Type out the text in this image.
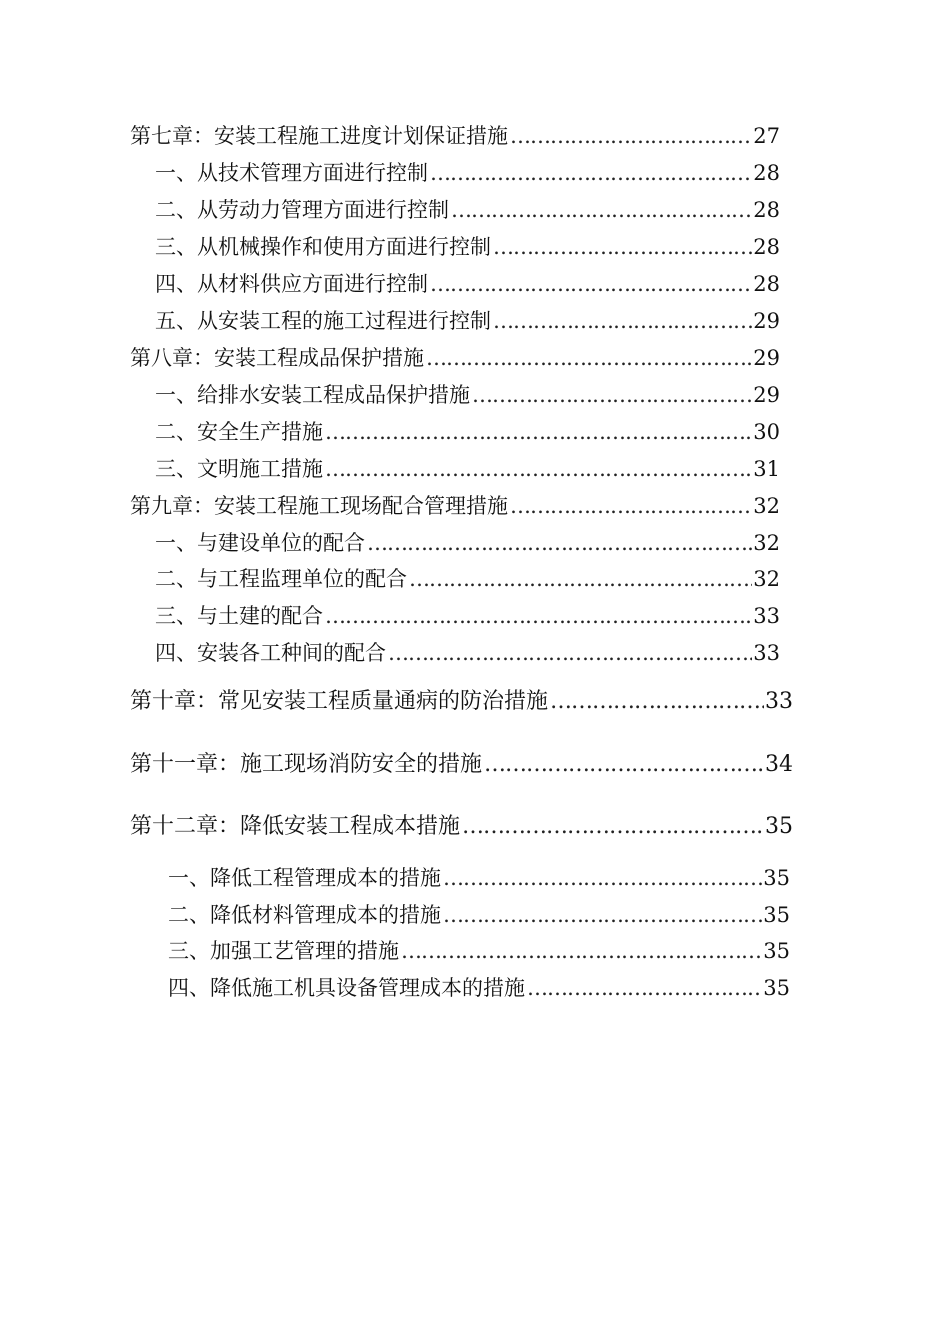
第七章：安装工程施工进度计划保证措施 ……………………………………………………………………………………………………………………………………………………	27
一、从技术管理方面进行控制 ……………………………………………………………………………………………………………………………………………………	28
二、从劳动力管理方面进行控制 ……………………………………………………………………………………………………………………………………………………	28
三、从机械操作和使用方面进行控制 ……………………………………………………………………………………………………………………………………………………	28
四、从材料供应方面进行控制 ……………………………………………………………………………………………………………………………………………………	28
五、从安装工程的施工过程进行控制 ……………………………………………………………………………………………………………………………………………………	29
第八章：安装工程成品保护措施 ……………………………………………………………………………………………………………………………………………………	29
一、给排水安装工程成品保护措施 ……………………………………………………………………………………………………………………………………………………	29
二、安全生产措施 ……………………………………………………………………………………………………………………………………………………	30
三、文明施工措施 ……………………………………………………………………………………………………………………………………………………	31
第九章：安装工程施工现场配合管理措施 ……………………………………………………………………………………………………………………………………………………	32
一、与建设单位的配合 ……………………………………………………………………………………………………………………………………………………	32
二、与工程监理单位的配合 ……………………………………………………………………………………………………………………………………………………	32
三、与土建的配合 ……………………………………………………………………………………………………………………………………………………	33
四、安装各工种间的配合 ……………………………………………………………………………………………………………………………………………………	33
第十章：常见安装工程质量通病的防治措施 ……………………………………………………………………………………………………………………………………………………	33
第十一章：施工现场消防安全的措施 ……………………………………………………………………………………………………………………………………………………	34
第十二章：降低安装工程成本措施 ……………………………………………………………………………………………………………………………………………………	35
一、降低工程管理成本的措施 ……………………………………………………………………………………………………………………………………………………	35
二、降低材料管理成本的措施 ……………………………………………………………………………………………………………………………………………………	35
三、加强工艺管理的措施 ……………………………………………………………………………………………………………………………………………………	35
四、降低施工机具设备管理成本的措施 ……………………………………………………………………………………………………………………………………………………	35
